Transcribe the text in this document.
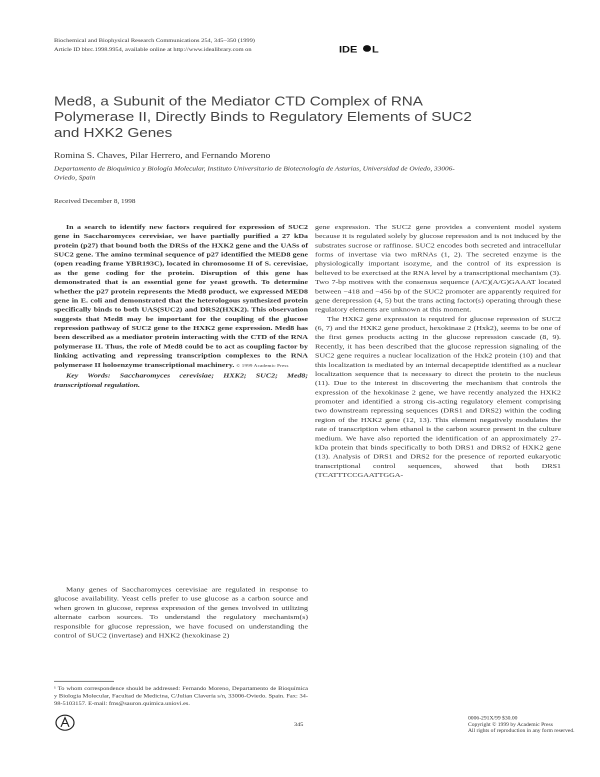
Biochemical and Biophysical Research Communications 254, 345–350 (1999)
Article ID bbrc.1998.9954, available online at http://www.idealibrary.com on	IDE L
Med8, a Subunit of the Mediator CTD Complex of RNA Polymerase II, Directly Binds to Regulatory Elements of SUC2 and HXK2 Genes
Romina S. Chaves, Pilar Herrero, and Fernando Moreno
Departamento de Bioquímica y Biología Molecular, Instituto Universitario de Biotecnología de Asturias, Universidad de Oviedo, 33006-Oviedo, Spain
Received December 8, 1998

In a search to identify new factors required for expression of SUC2 gene in Saccharomyces cerevisiae, we have partially purified a 27 kDa protein (p27) that bound both the DRSs of the HXK2 gene and the UASs of SUC2 gene. The amino terminal sequence of p27 identified the MED8 gene (open reading frame YBR193C), located in chromosome II of S. cerevisiae, as the gene coding for the protein. Disruption of this gene has demonstrated that is an essential gene for yeast growth. To determine whether the p27 protein represents the Med8 product, we expressed MED8 gene in E. coli and demonstrated that the heterologous synthesized protein specifically binds to both UAS(SUC2) and DRS2(HXK2). This observation suggests that Med8 may be important for the coupling of the glucose repression pathway of SUC2 gene to the HXK2 gene expression. Med8 has been described as a mediator protein interacting with the CTD of the RNA polymerase II. Thus, the role of Med8 could be to act as coupling factor by linking activating and repressing transcription complexes to the RNA polymerase II holoenzyme transcriptional machinery. © 1999 Academic Press

Key Words: Saccharomyces cerevisiae; HXK2; SUC2; Med8; transcriptional regulation.

Many genes of Saccharomyces cerevisiae are regulated in response to glucose availability. Yeast cells prefer to use glucose as a carbon source and when grown in glucose, repress expression of the genes involved in utilizing alternate carbon sources. To understand the regulatory mechanism(s) responsible for glucose repression, we have focused on understanding the control of SUC2 (invertase) and HXK2 (hexokinase 2)

¹ To whom correspondence should be addressed: Fernando Moreno, Departamento de Bioquímica y Biología Molecular, Facultad de Medicina, C/Julian Clavería s/n, 33006-Oviedo. Spain. Fax: 34-98-5103157. E-mail: fms@sauron.quimica.uniovi.es.

gene expression. The SUC2 gene provides a convenient model system because it is regulated solely by glucose repression and is not induced by the substrates sucrose or raffinose. SUC2 encodes both secreted and intracellular forms of invertase via two mRNAs (1, 2). The secreted enzyme is the physiologically important isozyme, and the control of its expression is believed to be exercised at the RNA level by a transcriptional mechanism (3). Two 7-bp motives with the consensus sequence (A/C)(A/G)GAAAT located between −418 and −456 bp of the SUC2 promoter are apparently required for gene derepression (4, 5) but the trans acting factor(s) operating through these regulatory elements are unknown at this moment.

The HXK2 gene expression is required for glucose repression of SUC2 (6, 7) and the HXK2 gene product, hexokinase 2 (Hxk2), seems to be one of the first genes products acting in the glucose repression cascade (8, 9). Recently, it has been described that the glucose repression signaling of the SUC2 gene requires a nuclear localization of the Hxk2 protein (10) and that this localization is mediated by an internal decapeptide identified as a nuclear localization sequence that is necessary to direct the protein to the nucleus (11). Due to the interest in discovering the mechanism that controls the expression of the hexokinase 2 gene, we have recently analyzed the HXK2 promoter and identified a strong cis-acting regulatory element comprising two downstream repressing sequences (DRS1 and DRS2) within the coding region of the HXK2 gene (12, 13). This element negatively modulates the rate of transcription when ethanol is the carbon source present in the culture medium. We have also reported the identification of an approximately 27-kDa protein that binds specifically to both DRS1 and DRS2 of HXK2 gene (13). Analysis of DRS1 and DRS2 for the presence of reported eukaryotic transcriptional control sequences, showed that both DRS1 (TCATTTCCGAATTGGA-

345
0006-291X/99 $30.00
Copyright © 1999 by Academic Press
All rights of reproduction in any form reserved.
